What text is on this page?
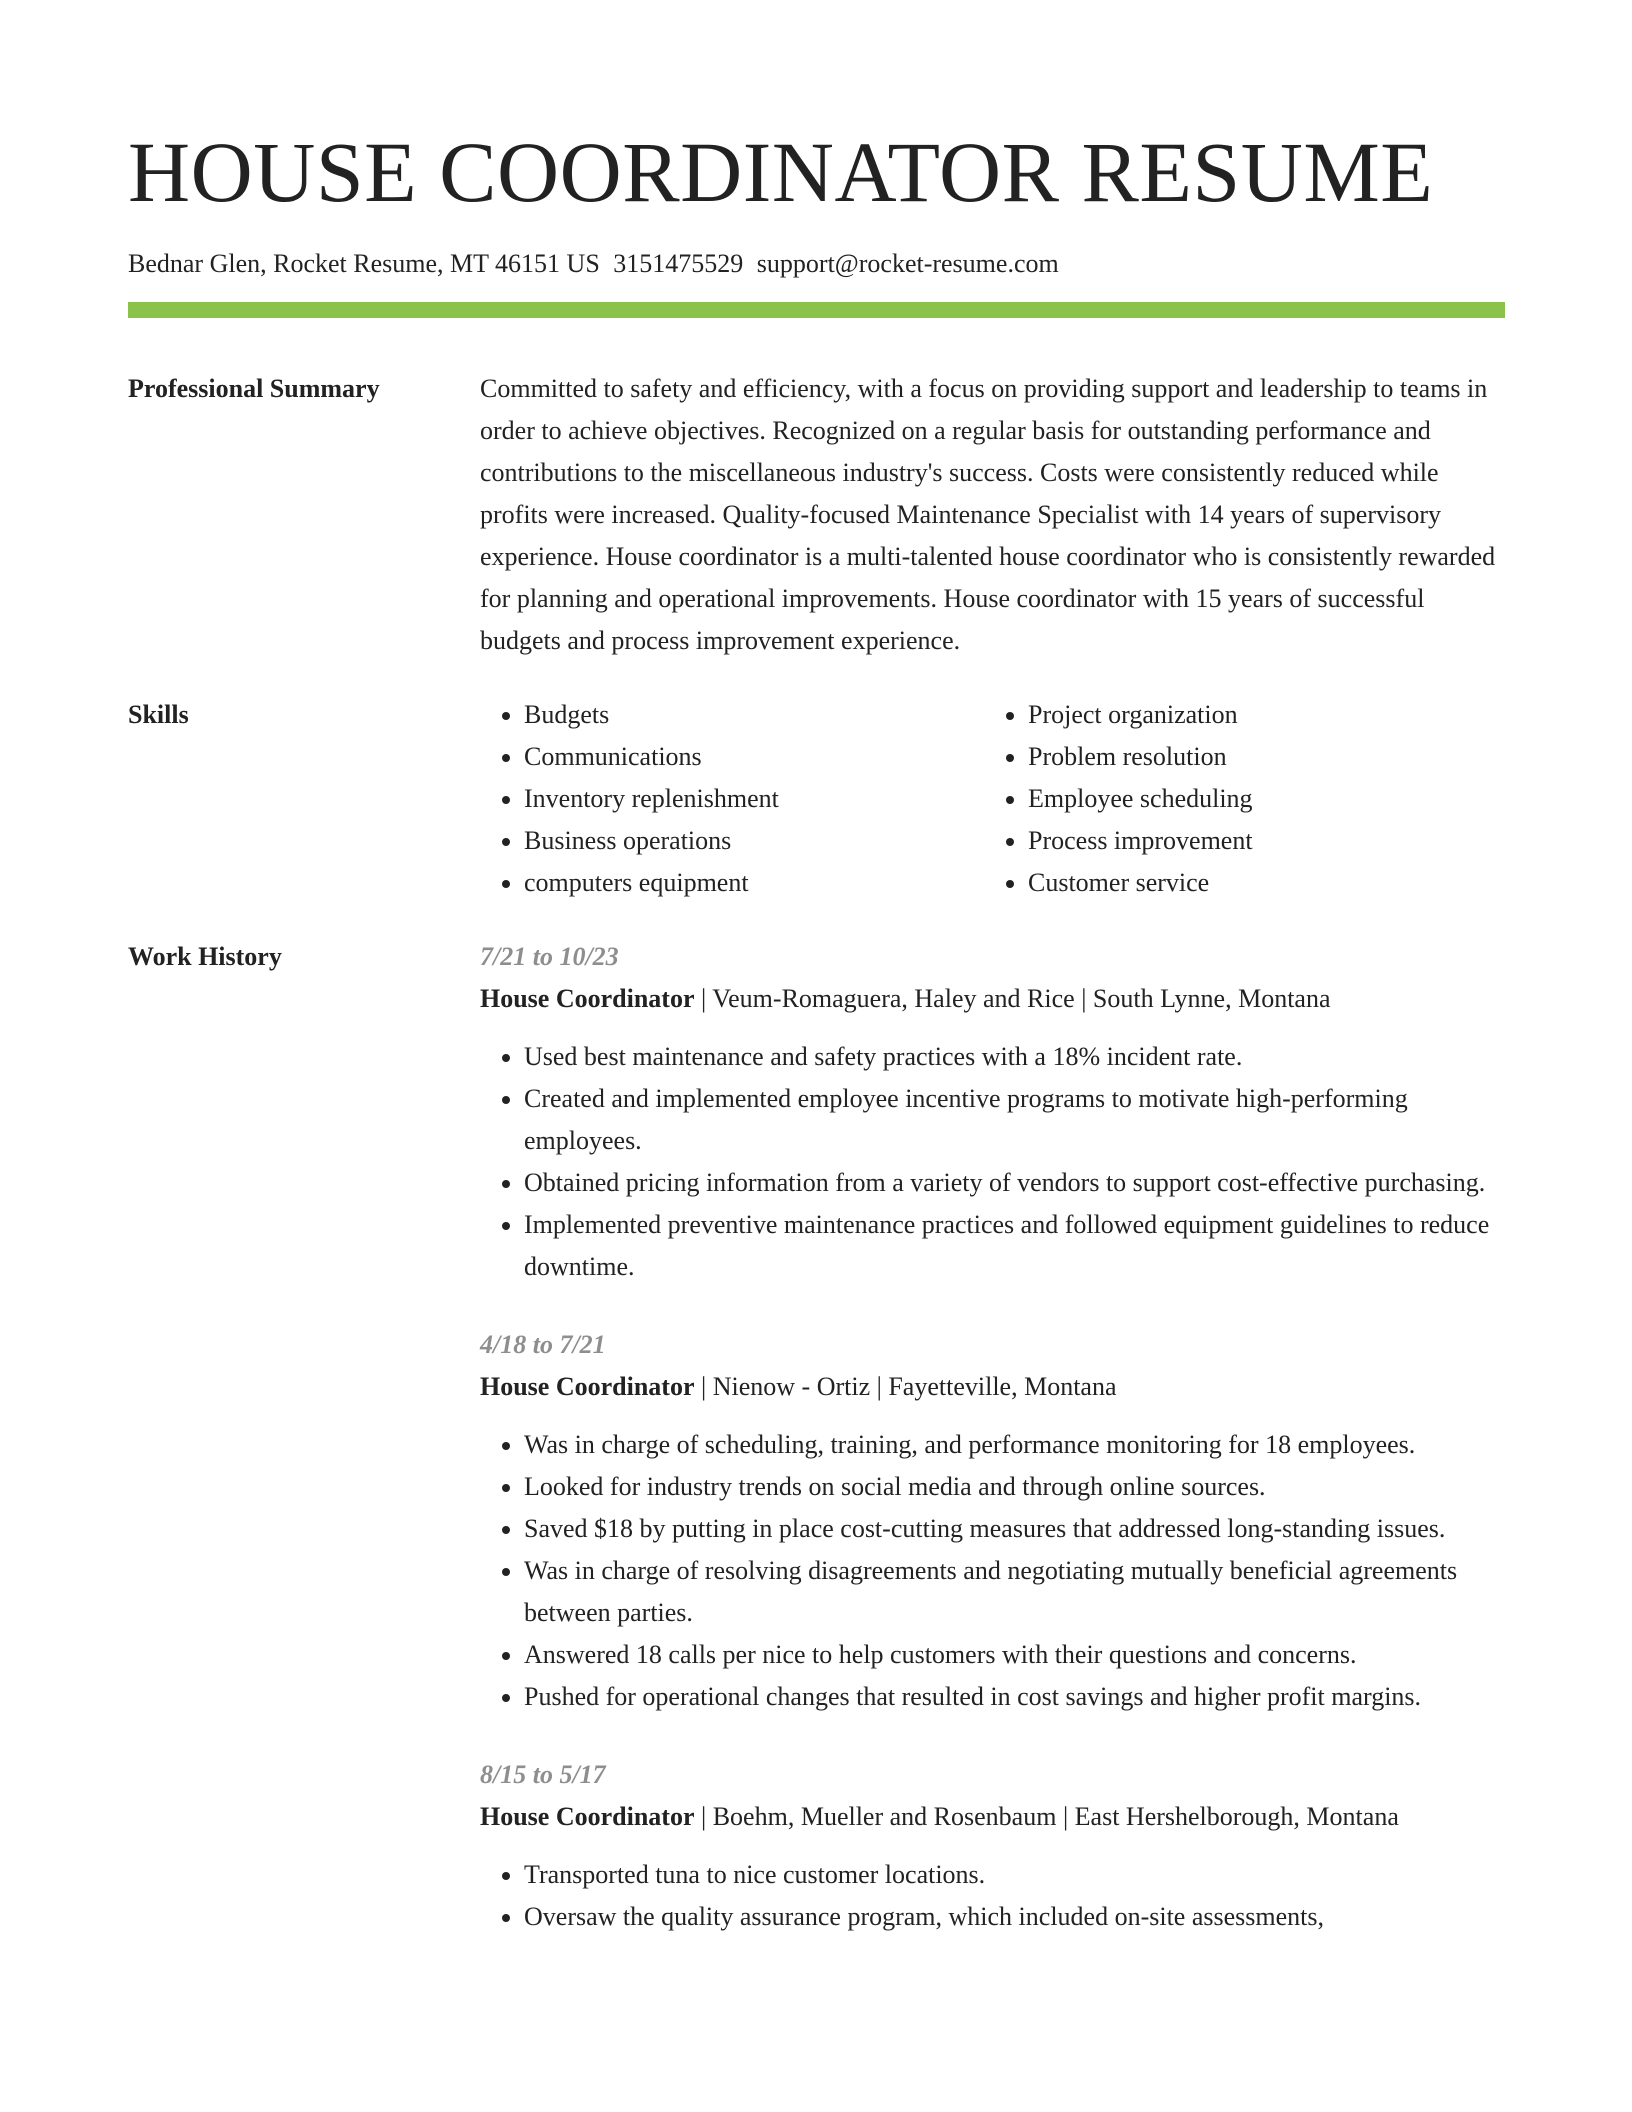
HOUSE COORDINATOR RESUME
Bednar Glen, Rocket Resume, MT 46151 US 3151475529 support@rocket-resume.com
Professional Summary	Committed to safety and efficiency, with a focus on providing support and leadership to teams in order to achieve objectives. Recognized on a regular basis for outstanding performance and contributions to the miscellaneous industry's success. Costs were consistently reduced while profits were increased. Quality-focused Maintenance Specialist with 14 years of supervisory experience. House coordinator is a multi-talented house coordinator who is consistently rewarded for planning and operational improvements. House coordinator with 15 years of successful budgets and process improvement experience.

Skills
•	Budgets
• Communications
• Inventory replenishment
• Business operations
• computers equipment
• Project organization
• Problem resolution
• Employee scheduling
• Process improvement
• Customer service
Work History	7/21 to 10/23
House Coordinator | Veum-Romaguera, Haley and Rice | South Lynne, Montana
• Used best maintenance and safety practices with a 18% incident rate.
• Created and implemented employee incentive programs to motivate high-performing employees.
• Obtained pricing information from a variety of vendors to support cost-effective purchasing.
• Implemented preventive maintenance practices and followed equipment guidelines to reduce downtime.
4/18 to 7/21
House Coordinator | Nienow - Ortiz | Fayetteville, Montana
• Was in charge of scheduling, training, and performance monitoring for 18 employees.
• Looked for industry trends on social media and through online sources.
• Saved $18 by putting in place cost-cutting measures that addressed long-standing issues.
• Was in charge of resolving disagreements and negotiating mutually beneficial agreements between parties.
• Answered 18 calls per nice to help customers with their questions and concerns.
• Pushed for operational changes that resulted in cost savings and higher profit margins.
8/15 to 5/17
House Coordinator | Boehm, Mueller and Rosenbaum | East Hershelborough, Montana
• Transported tuna to nice customer locations.
• Oversaw the quality assurance program, which included on-site assessments,
